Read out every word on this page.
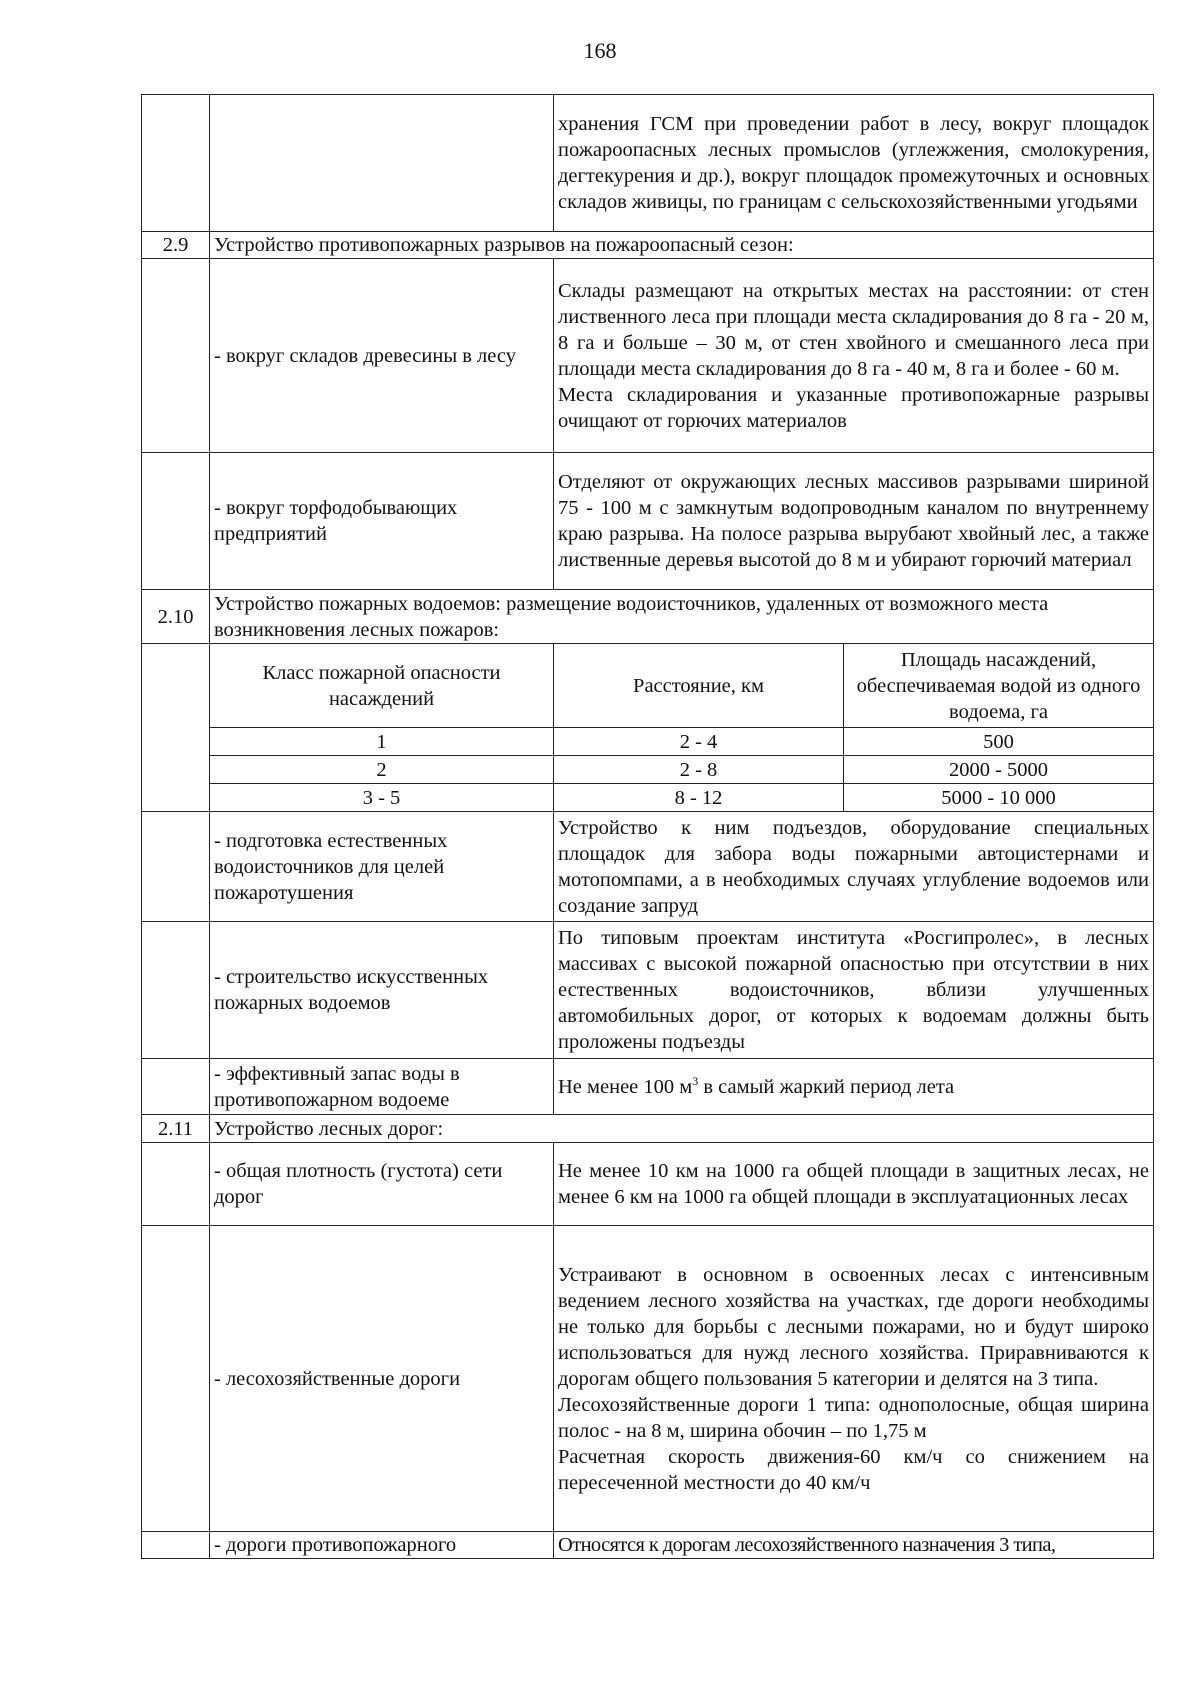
168
		хранения ГСМ при проведении работ в лесу, вокруг площадок пожароопасных лесных промыслов (углежжения, смолокурения, дегтекурения и др.), вокруг площадок промежуточных и основных складов живицы, по границам с сельскохозяйственными угодьями	
2.9	Устройство противопожарных разрывов на пожароопасный сезон:		
	- вокруг складов древесины в лесу	Склады размещают на открытых местах на расстоянии: от стен лиственного леса при площади места складирования до 8 га - 20 м, 8 га и больше – 30 м, от стен хвойного и смешанного леса при площади места складирования до 8 га - 40 м, 8 га и более - 60 м.
Места складирования и указанные противопожарные разрывы очищают от горючих материалов	

	- вокруг торфодобывающих предприятий	Отделяют от окружающих лесных массивов разрывами шириной 75 - 100 м с замкнутым водопроводным каналом по внутреннему краю разрыва. На полосе разрыва вырубают хвойный лес, а также лиственные деревья высотой до 8 м и убирают горючий материал	
2.10	Устройство пожарных водоемов: размещение водоисточников, удаленных от возможного места возникновения лесных пожаров:		
	Класс пожарной опасности насаждений	Расстояние, км	Площадь насаждений, обеспечиваемая водой из одного водоема, га
	1	2 - 4	500
	2	2 - 8	2000 - 5000
	3 - 5	8 - 12	5000 - 10 000
	- подготовка естественных водоисточников для целей пожаротушения	Устройство к ним подъездов, оборудование специальных площадок для забора воды пожарными автоцистернами и мотопомпами, а в необходимых случаях углубление водоемов или создание запруд	
	- строительство искусственных пожарных водоемов	По типовым проектам института «Росгипролес», в лесных массивах с высокой пожарной опасностью при отсутствии в них естественных водоисточников, вблизи улучшенных автомобильных дорог, от которых к водоемам должны быть проложены подъезды	
	- эффективный запас воды в противопожарном водоеме	Не менее 100 $м^3$ в самый жаркий период лета	
2.11	Устройство лесных дорог:		
	- общая плотность (густота) сети дорог	Не менее 10 км на 1000 га общей площади в защитных лесах, не менее 6 км на 1000 га общей площади в эксплуатационных лесах	
	- лесохозяйственные дороги	Устраивают в основном в освоенных лесах с интенсивным ведением лесного хозяйства на участках, где дороги необходимы не только для борьбы с лесными пожарами, но и будут широко использоваться для нужд лесного хозяйства. Приравниваются к дорогам общего пользования 5 категории и делятся на 3 типа.
Лесохозяйственные дороги 1 типа: однополосные, общая ширина полос - на 8 м, ширина обочин – по 1,75 м
Расчетная скорость движения-60 км/ч со снижением на пересеченной местности до 40 км/ч	

	- дороги противопожарного	Относятся к дорогам лесохозяйственного назначения 3 типа,	
